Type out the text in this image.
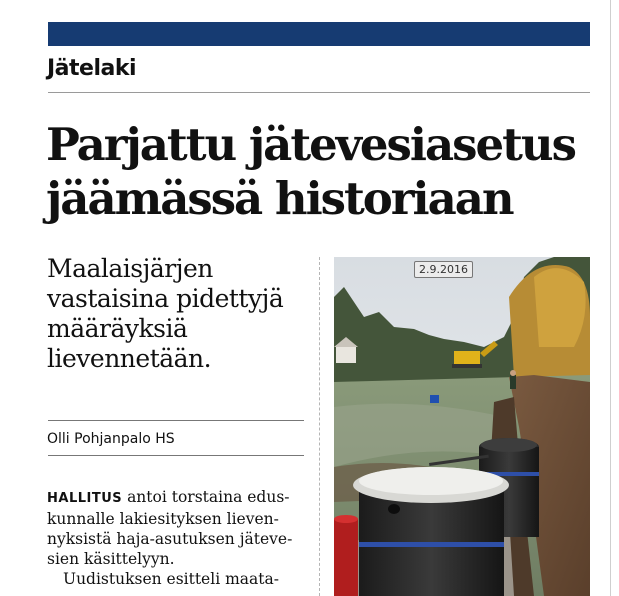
Jätelaki
Parjattu jätevesiasetus
jäämässä historiaan
Maalaisjärjen
vastaisina pidettyjä
määräyksiä
lievennetään.
Olli Pohjanpalo HS
HALLITUS antoi torstaina edus-
kunnalle lakiesityksen lieven-
nyksistä haja-asutuksen jäteve-
sien käsittelyyn.
Uudistuksen esitteli maata-
2.9.2016
